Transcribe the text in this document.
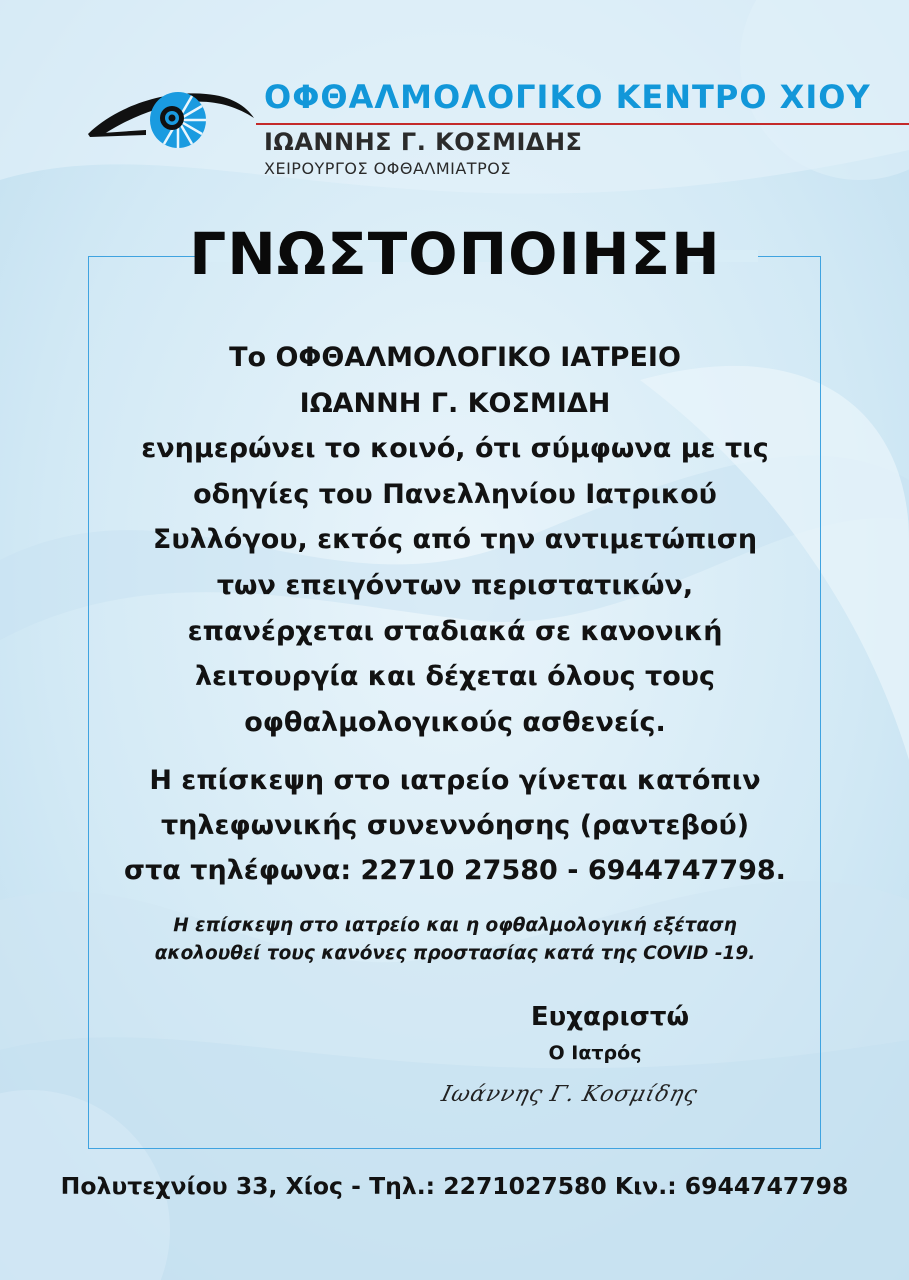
ΟΦΘΑΛΜΟΛΟΓΙΚΟ ΚΕΝΤΡΟ ΧΙΟΥ
ΙΩΑΝΝΗΣ Γ. ΚΟΣΜΙΔΗΣ
ΧΕΙΡΟΥΡΓΟΣ ΟΦΘΑΛΜΙΑΤΡΟΣ
ΓΝΩΣΤΟΠΟΙΗΣΗ
Το ΟΦΘΑΛΜΟΛΟΓΙΚΟ ΙΑΤΡΕΙΟ
ΙΩΑΝΝΗ Γ. ΚΟΣΜΙΔΗ
ενημερώνει το κοινό, ότι σύμφωνα με τις
οδηγίες του Πανελληνίου Ιατρικού
Συλλόγου, εκτός από την αντιμετώπιση
των επειγόντων περιστατικών,
επανέρχεται σταδιακά σε κανονική
λειτουργία και δέχεται όλους τους
οφθαλμολογικούς ασθενείς.
Η επίσκεψη στο ιατρείο γίνεται κατόπιν
τηλεφωνικής συνεννόησης (ραντεβού)
στα τηλέφωνα: 22710 27580 - 6944747798.
Η επίσκεψη στο ιατρείο και η οφθαλμολογική εξέταση
ακολουθεί τους κανόνες προστασίας κατά της COVID -19.
Ευχαριστώ
Ο Ιατρός
Ιωάννης Γ. Κοσμίδης
Πολυτεχνίου 33, Χίος - Τηλ.: 2271027580 Κιν.: 6944747798
